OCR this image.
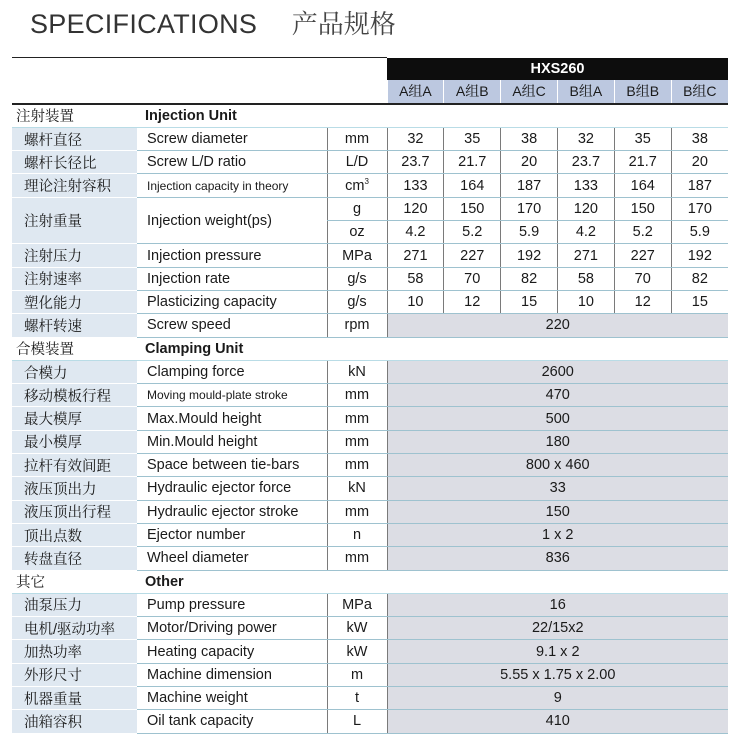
SPECIFICATIONS 产品规格
			HXS260					
			A组A	A组B	A组C	B组A	B组B	B组C
注射装置	Injection Unit							
螺杆直径	Screw diameter	mm	32	35	38	32	35	38
螺杆长径比	Screw L/D ratio	L/D	23.7	21.7	20	23.7	21.7	20
理论注射容积	Injection capacity in theory	$cm^3$	133	164	187	133	164	187
注射重量	Injection weight(ps)	g	120	150	170	120	150	170
		oz	4.2	5.2	5.9	4.2	5.2	5.9
注射压力	Injection pressure	MPa	271	227	192	271	227	192
注射速率	Injection rate	g/s	58	70	82	58	70	82
塑化能力	Plasticizing capacity	g/s	10	12	15	10	12	15
螺杆转速	Screw speed	rpm	220					
合模装置	Clamping Unit							
合模力	Clamping force	kN	2600					
移动模板行程	Moving mould-plate stroke	mm	470					
最大模厚	Max.Mould height	mm	500					
最小模厚	Min.Mould height	mm	180					
拉杆有效间距	Space between tie-bars	mm	800 x 460					
液压顶出力	Hydraulic ejector force	kN	33					
液压顶出行程	Hydraulic ejector stroke	mm	150					
顶出点数	Ejector number	n	1 x 2					
转盘直径	Wheel diameter	mm	836					
其它	Other							
油泵压力	Pump pressure	MPa	16					
电机/驱动功率	Motor/Driving power	kW	22/15x2					
加热功率	Heating capacity	kW	9.1 x 2					
外形尺寸	Machine dimension	m	5.55 x 1.75 x 2.00					
机器重量	Machine weight	t	9					
油箱容积	Oil tank capacity	L	410					
